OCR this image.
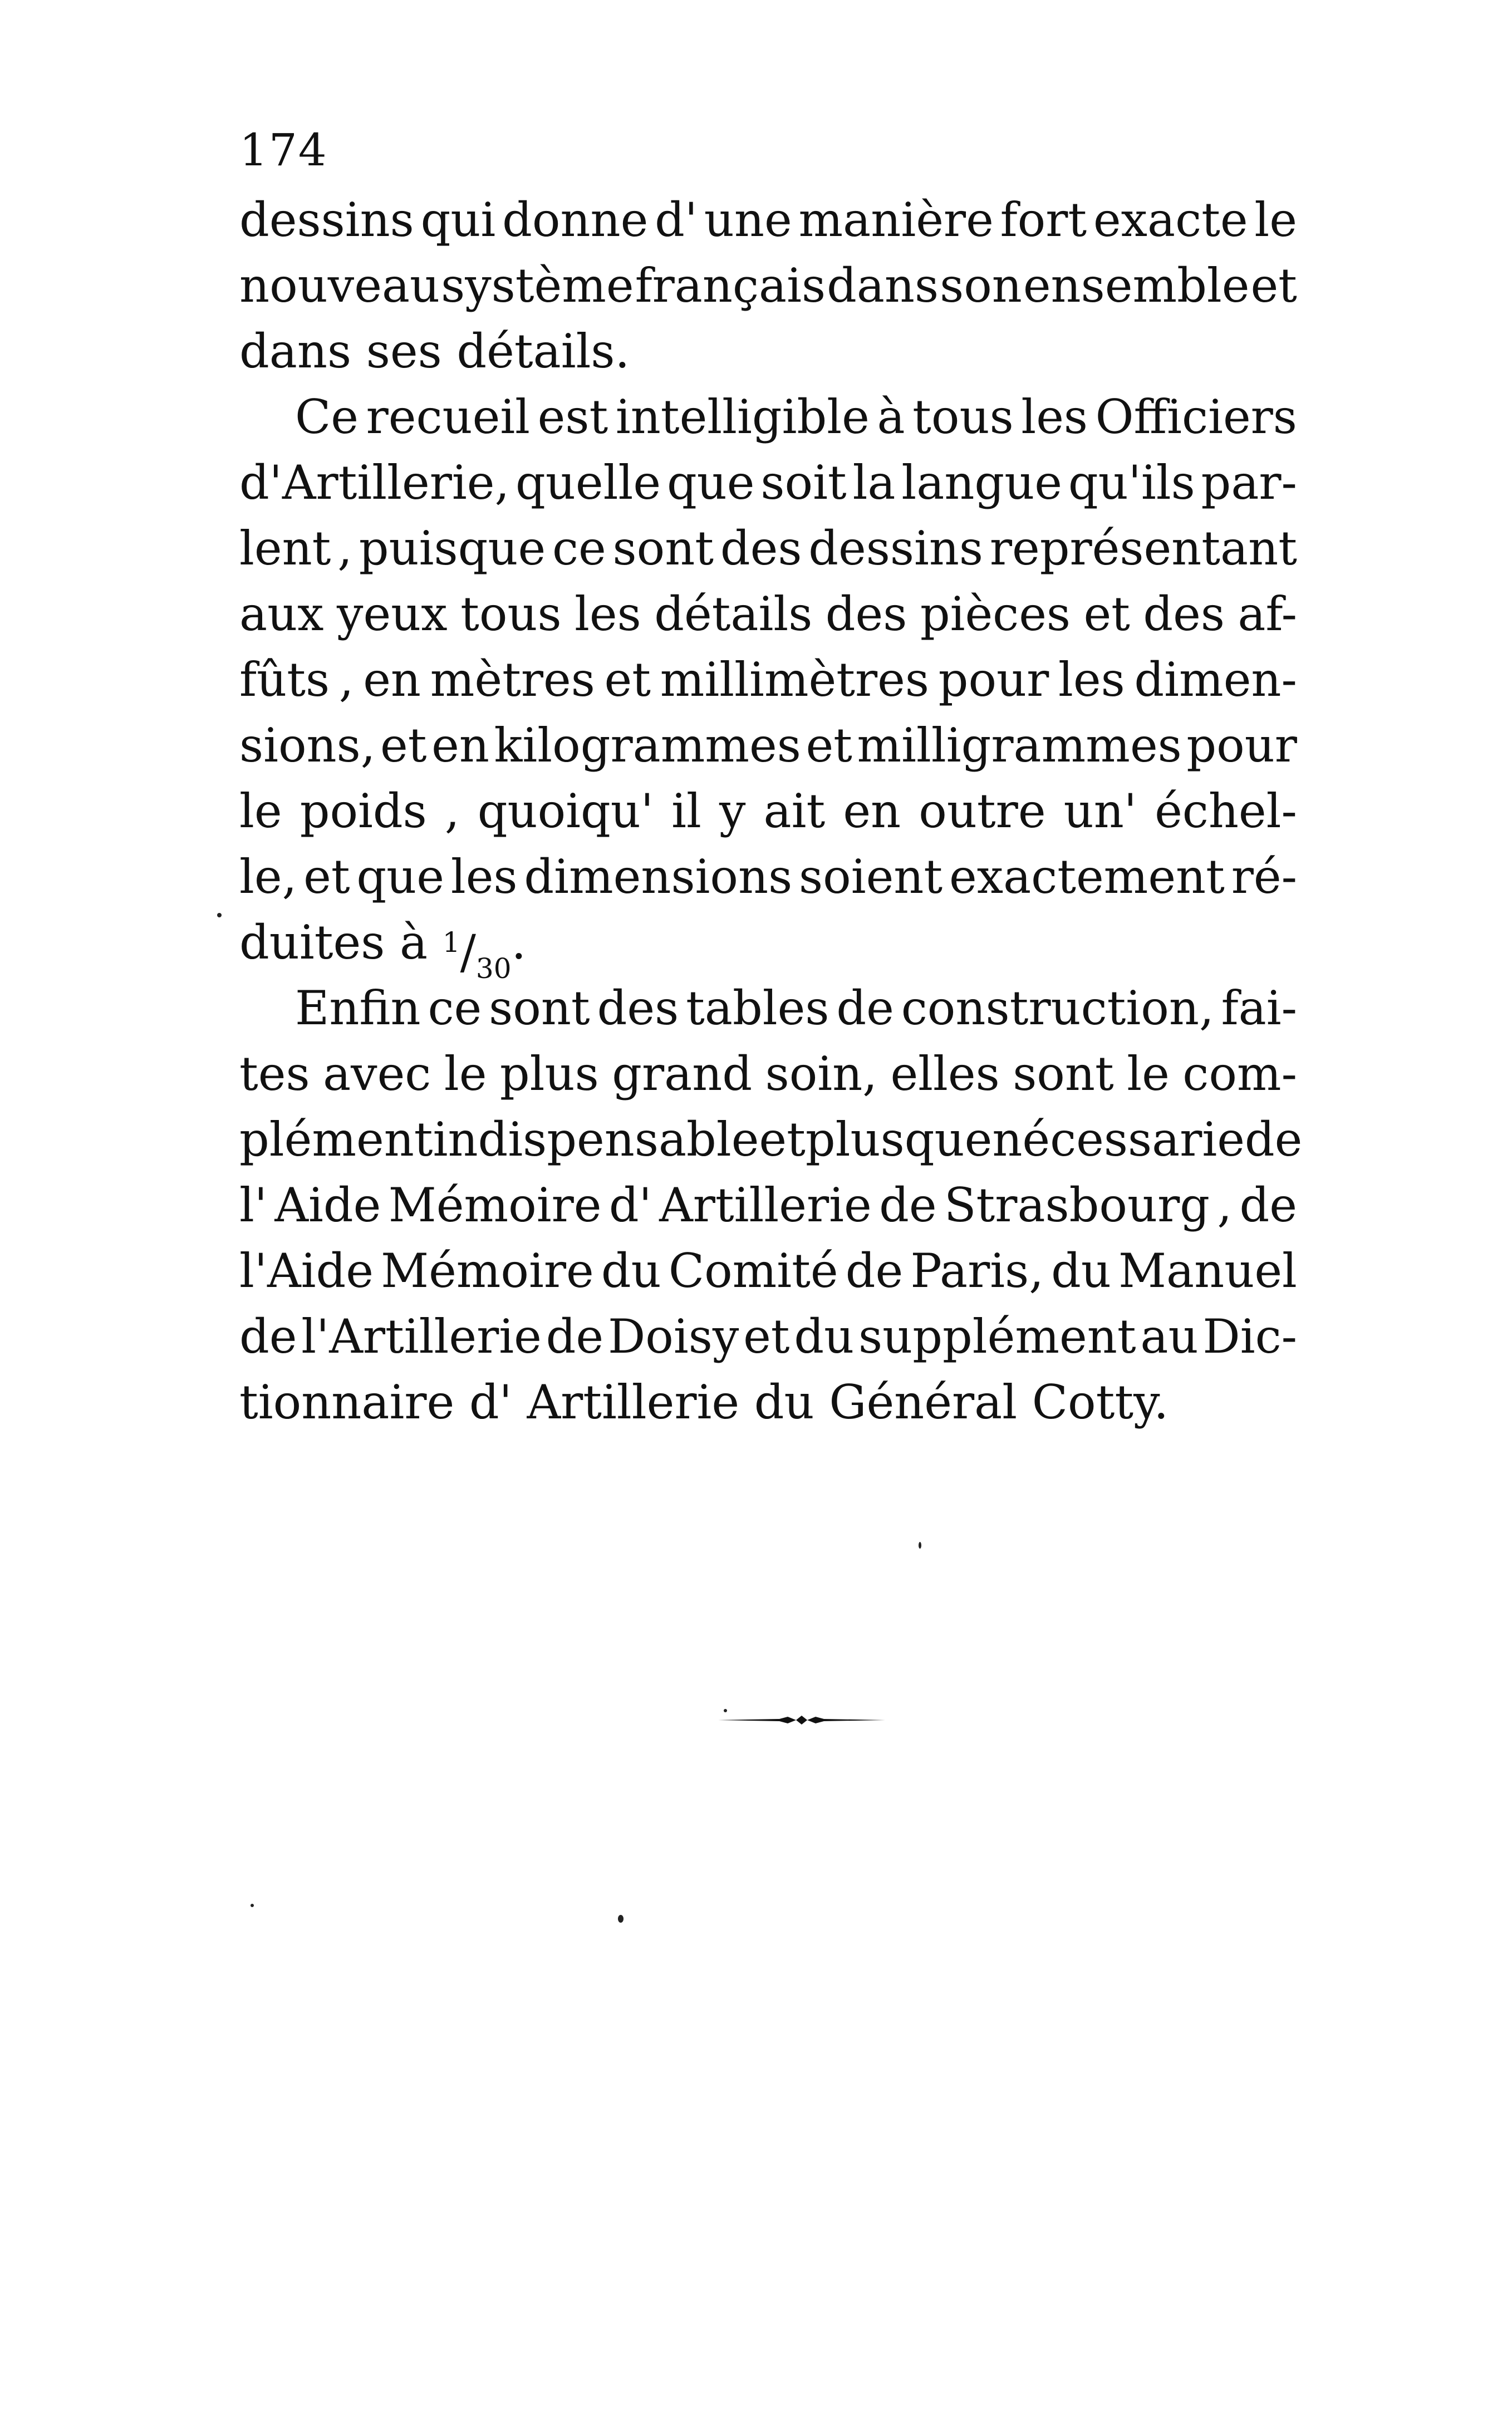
174
dessins qui donne d' une manière fort exacte le
nouveau système français dans son ensemble et
dans ses détails.
Ce recueil est intelligible à tous les Officiers
d'Artillerie, quelle que soit la langue qu'ils par-
lent , puisque ce sont des dessins représentant
aux yeux tous les détails des pièces et des af-
fûts , en mètres et millimètres pour les dimen-
sions, et en kilogrammes et milligrammes pour
le poids , quoiqu' il y ait en outre un' échel-
le, et que les dimensions soient exactement ré-
duites à $^1/_{30}$ .
Enfin ce sont des tables de construction, fai-
tes avec le plus grand soin, elles sont le com-
plément indispensable et plus que nécessarie de
l' Aide Mémoire d' Artillerie de Strasbourg , de
l'Aide Mémoire du Comité de Paris, du Manuel
de l'Artillerie de Doisy et du supplément au Dic-
tionnaire d' Artillerie du Général Cotty.
